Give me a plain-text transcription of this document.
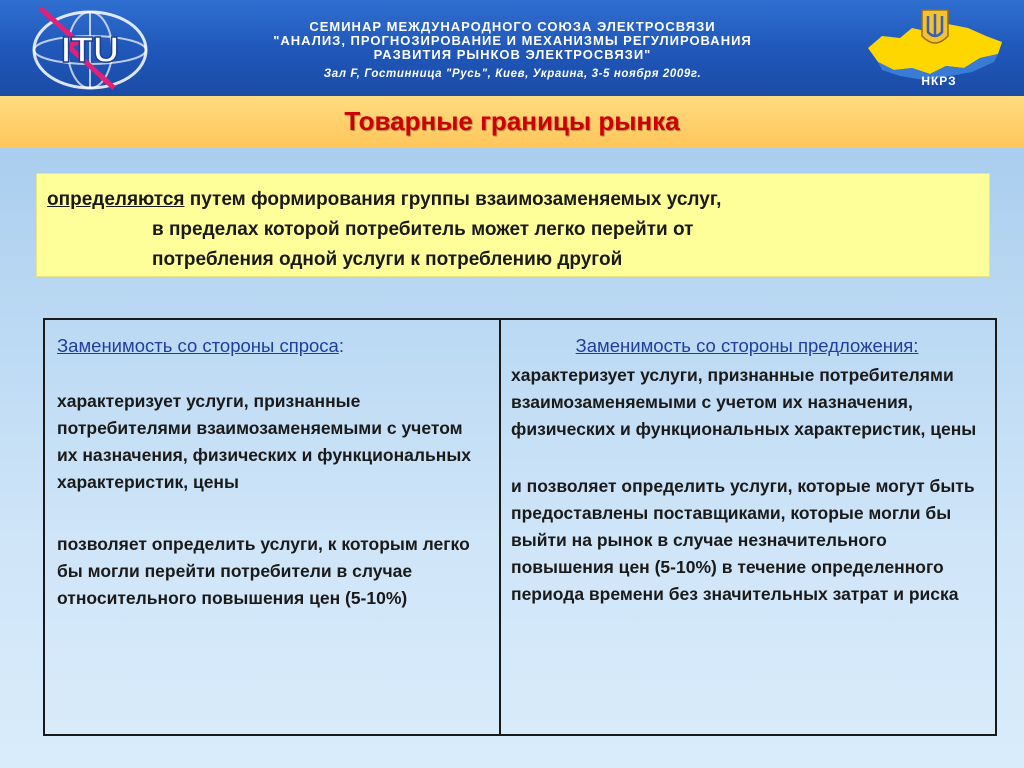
ITU
СЕМИНАР МЕЖДУНАРОДНОГО СОЮЗА ЭЛЕКТРОСВЯЗИ
"АНАЛИЗ, ПРОГНОЗИРОВАНИЕ И МЕХАНИЗМЫ РЕГУЛИРОВАНИЯ
РАЗВИТИЯ РЫНКОВ ЭЛЕКТРОСВЯЗИ"
Зал F, Гостинница "Русь", Киев, Украина, 3-5 ноября 2009г.	НКРЗ
Товарные границы рынка
определяются путем формирования группы взаимозаменяемых услуг,
в пределах которой потребитель может легко перейти от
потребления одной услуги к потреблению другой
Заменимость со стороны спроса:
характеризует услуги, признанные потребителями взаимозаменяемыми с учетом их назначения, физических и функциональных характеристик, цены
позволяет определить услуги, к которым легко бы могли перейти потребители в случае относительного повышения цен (5-10%)
Заменимость со стороны предложения:
характеризует услуги, признанные потребителями взаимозаменяемыми с учетом их назначения, физических и функциональных характеристик, цены
и позволяет определить услуги, которые могут быть предоставлены поставщиками, которые могли бы выйти на рынок в случае незначительного повышения цен (5-10%) в течение определенного периода времени без значительных затрат и риска
